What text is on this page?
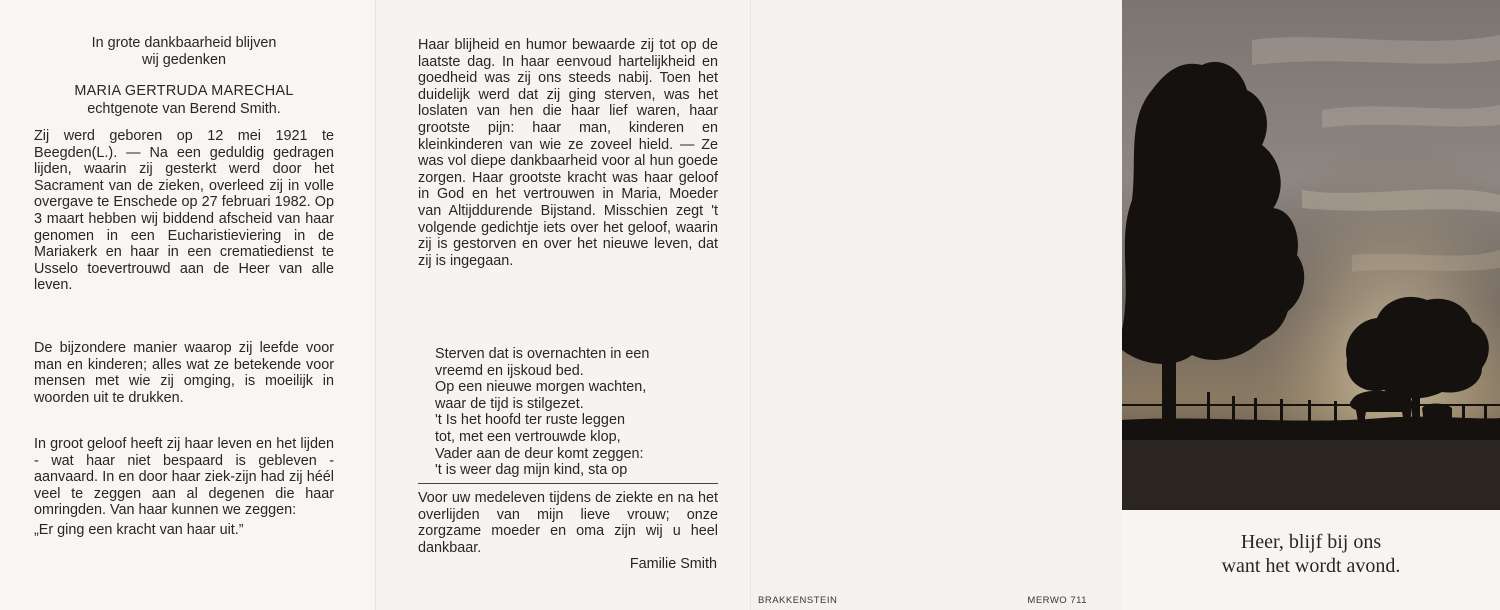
In grote dankbaarheid blijven

wij gedenken

MARIA GERTRUDA MARECHAL

echtgenote van Berend Smith.

Zij werd geboren op 12 mei 1921 te Beegden(L.). — Na een geduldig gedragen lijden, waarin zij gesterkt werd door het Sacrament van de zieken, overleed zij in volle overgave te Enschede op 27 februari 1982. Op 3 maart hebben wij biddend afscheid van haar genomen in een Eucharistieviering in de Mariakerk en haar in een crematiedienst te Usselo toevertrouwd aan de Heer van alle leven.

De bijzondere manier waarop zij leefde voor man en kinderen; alles wat ze betekende voor mensen met wie zij omging, is moeilijk in woorden uit te drukken.

In groot geloof heeft zij haar leven en het lijden - wat haar niet bespaard is gebleven - aanvaard. In en door haar ziek-zijn had zij héél veel te zeggen aan al degenen die haar omringden. Van haar kunnen we zeggen:

„Er ging een kracht van haar uit.”

Haar blijheid en humor bewaarde zij tot op de laatste dag. In haar eenvoud hartelijkheid en goedheid was zij ons steeds nabij. Toen het duidelijk werd dat zij ging sterven, was het loslaten van hen die haar lief waren, haar grootste pijn: haar man, kinderen en kleinkinderen van wie ze zoveel hield. — Ze was vol diepe dankbaarheid voor al hun goede zorgen. Haar grootste kracht was haar geloof in God en het vertrouwen in Maria, Moeder van Altijddurende Bijstand. Misschien zegt 't volgende gedichtje iets over het geloof, waarin zij is gestorven en over het nieuwe leven, dat zij is ingegaan.

Sterven dat is overnachten in een
vreemd en ijskoud bed.
Op een nieuwe morgen wachten,
waar de tijd is stilgezet.
't Is het hoofd ter ruste leggen
tot, met een vertrouwde klop,
Vader aan de deur komt zeggen:
't is weer dag mijn kind, sta op

Voor uw medeleven tijdens de ziekte en na het overlijden van mijn lieve vrouw; onze zorgzame moeder en oma zijn wij u heel dankbaar.

Familie Smith

BRAKKENSTEIN	MERWO 711

Heer, blijf bij ons

want het wordt avond.
